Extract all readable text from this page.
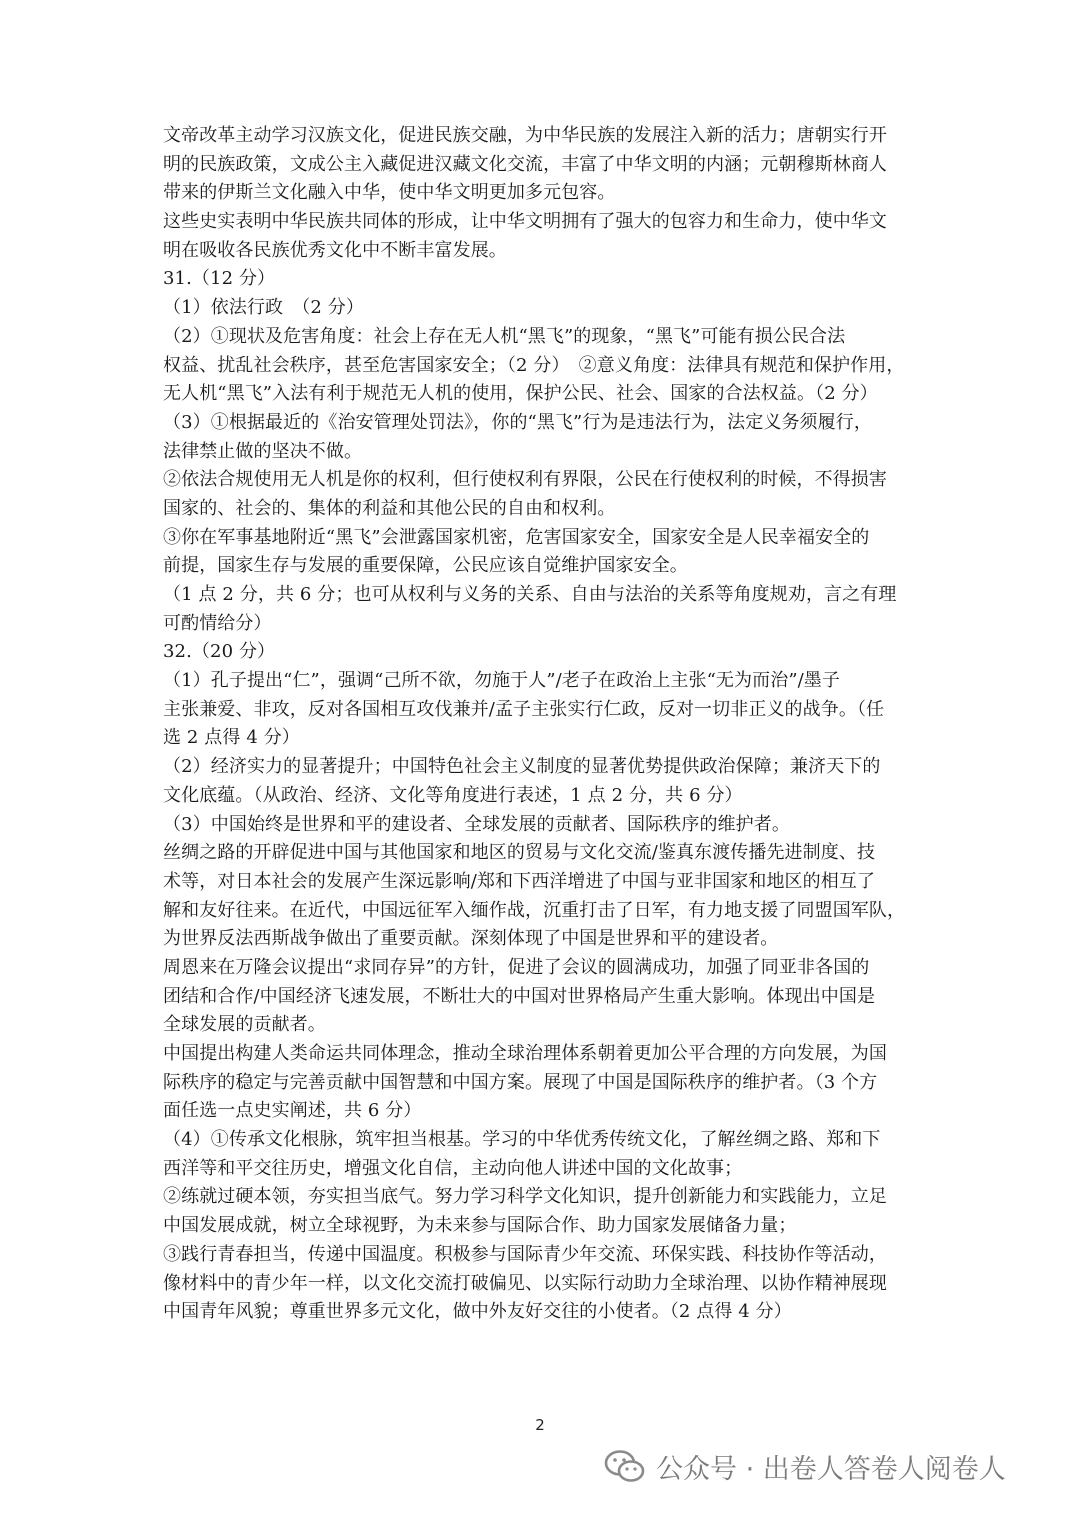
文帝改革主动学习汉族文化，促进民族交融，为中华民族的发展注入新的活力；唐朝实行开
明的民族政策，文成公主入藏促进汉藏文化交流，丰富了中华文明的内涵；元朝穆斯林商人
带来的伊斯兰文化融入中华，使中华文明更加多元包容。
这些史实表明中华民族共同体的形成，让中华文明拥有了强大的包容力和生命力，使中华文
明在吸收各民族优秀文化中不断丰富发展。
31.（12 分）
（1）依法行政　（2 分）
（2）①现状及危害角度：社会上存在无人机“黑飞”的现象，“黑飞”可能有损公民合法
权益、扰乱社会秩序，甚至危害国家安全；（2 分）　②意义角度：法律具有规范和保护作用，
无人机“黑飞”入法有利于规范无人机的使用，保护公民、社会、国家的合法权益。（2 分）
（3）①根据最近的《治安管理处罚法》，你的“黑飞”行为是违法行为，法定义务须履行，
法律禁止做的坚决不做。
②依法合规使用无人机是你的权利，但行使权利有界限，公民在行使权利的时候，不得损害
国家的、社会的、集体的利益和其他公民的自由和权利。
③你在军事基地附近“黑飞”会泄露国家机密，危害国家安全，国家安全是人民幸福安全的
前提，国家生存与发展的重要保障，公民应该自觉维护国家安全。
（1 点 2 分，共 6 分；也可从权利与义务的关系、自由与法治的关系等角度规劝，言之有理
可酌情给分）
32.（20 分）
（1）孔子提出“仁”，强调“己所不欲，勿施于人”/老子在政治上主张“无为而治”/墨子
主张兼爱、非攻，反对各国相互攻伐兼并/孟子主张实行仁政，反对一切非正义的战争。（任
选 2 点得 4 分）
（2）经济实力的显著提升；中国特色社会主义制度的显著优势提供政治保障；兼济天下的
文化底蕴。（从政治、经济、文化等角度进行表述，1 点 2 分，共 6 分）
（3）中国始终是世界和平的建设者、全球发展的贡献者、国际秩序的维护者。
丝绸之路的开辟促进中国与其他国家和地区的贸易与文化交流/鉴真东渡传播先进制度、技
术等，对日本社会的发展产生深远影响/郑和下西洋增进了中国与亚非国家和地区的相互了
解和友好往来。在近代，中国远征军入缅作战，沉重打击了日军，有力地支援了同盟国军队，
为世界反法西斯战争做出了重要贡献。深刻体现了中国是世界和平的建设者。
周恩来在万隆会议提出“求同存异”的方针，促进了会议的圆满成功，加强了同亚非各国的
团结和合作/中国经济飞速发展，不断壮大的中国对世界格局产生重大影响。体现出中国是
全球发展的贡献者。
中国提出构建人类命运共同体理念，推动全球治理体系朝着更加公平合理的方向发展，为国
际秩序的稳定与完善贡献中国智慧和中国方案。展现了中国是国际秩序的维护者。（3 个方
面任选一点史实阐述，共 6 分）
（4）①传承文化根脉，筑牢担当根基。学习的中华优秀传统文化，了解丝绸之路、郑和下
西洋等和平交往历史，增强文化自信，主动向他人讲述中国的文化故事；
②练就过硬本领，夯实担当底气。努力学习科学文化知识，提升创新能力和实践能力，立足
中国发展成就，树立全球视野，为未来参与国际合作、助力国家发展储备力量；
③践行青春担当，传递中国温度。积极参与国际青少年交流、环保实践、科技协作等活动，
像材料中的青少年一样，以文化交流打破偏见、以实际行动助力全球治理、以协作精神展现
中国青年风貌；尊重世界多元文化，做中外友好交往的小使者。（2 点得 4 分）
2
公众号 · 出卷人答卷人阅卷人
